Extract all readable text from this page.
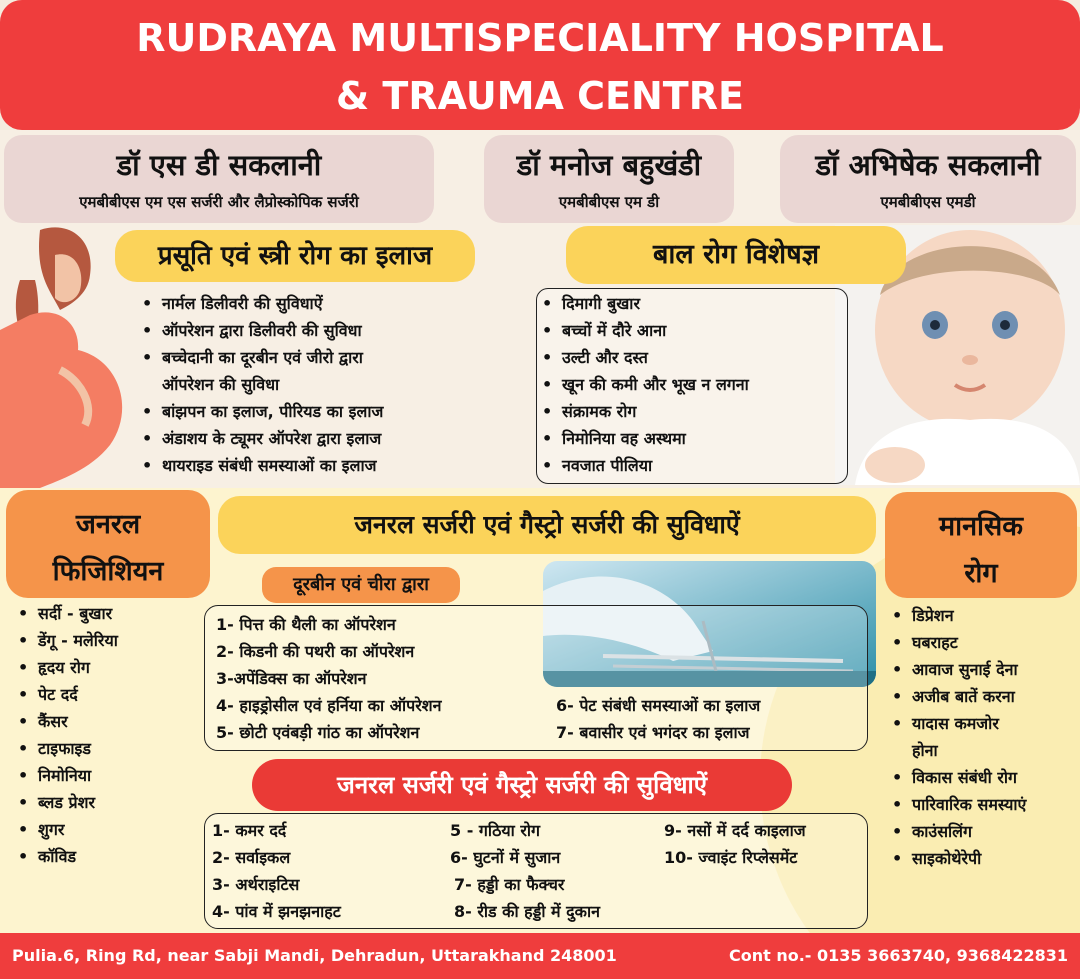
RUDRAYA MULTISPECIALITY HOSPITAL
& TRAUMA CENTRE
डॉ एस डी सकलानी
एमबीबीएस एम एस सर्जरी और लैप्रोस्कोपिक सर्जरी
डॉ मनोज बहुखंडी
एमबीबीएस एम डी
डॉ अभिषेक सकलानी
एमबीबीएस एमडी
प्रसूति एवं स्त्री रोग का इलाज
• नार्मल डिलीवरी की सुविधाऐं
• ऑपरेशन द्वारा डिलीवरी की सुविधा
• बच्चेदानी का दूरबीन एवं जीरो द्वारा
ऑपरेशन की सुविधा
• बांझपन का इलाज, पीरियड का इलाज
• अंडाशय के ट्यूमर ऑपरेश द्वारा इलाज
• थायराइड संबंधी समस्याओं का इलाज
बाल रोग विशेषज्ञ
• दिमागी बुखार
• बच्चों में दौरे आना
• उल्टी और दस्त
• खून की कमी और भूख न लगना
• संक्रामक रोग
• निमोनिया वह अस्थमा
• नवजात पीलिया
जनरल
फिजिशियन
• सर्दी - बुखार
• डेंगू - मलेरिया
• हृदय रोग
• पेट दर्द
• कैंसर
• टाइफाइड
• निमोनिया
• ब्लड प्रेशर
• शुगर
• कॉविड
जनरल सर्जरी एवं गैस्ट्रो सर्जरी की सुविधाऐं
दूरबीन एवं चीरा द्वारा
1- पित्त की थैली का ऑपरेशन
2- किडनी की पथरी का ऑपरेशन
3-अपेंडिक्स का ऑपरेशन
4- हाइड्रोसील एवं हर्निया का ऑपरेशन
5- छोटी एवंबड़ी गांठ का ऑपरेशन
6- पेट संबंधी समस्याओं का इलाज
7- बवासीर एवं भगंदर का इलाज
मानसिक
रोग
• डिप्रेशन
• घबराहट
• आवाज सुनाई देना
• अजीब बातें करना
• यादास कमजोर
होना
• विकास संबंधी रोग
• पारिवारिक समस्याएं
• काउंसलिंग
• साइकोथेरेपी
जनरल सर्जरी एवं गैस्ट्रो सर्जरी की सुविधाऐं
1- कमर दर्द
2- सर्वाइकल
3- अर्थराइटिस
4- पांव में झनझनाहट
5 - गठिया रोग
6- घुटनों में सुजान
7- हड्डी का फैक्चर
8- रीड की हड्डी में दुकान
9- नसों में दर्द काइलाज
10- ज्वाइंट रिप्लेसमेंट
Pulia.6, Ring Rd, near Sabji Mandi, Dehradun, Uttarakhand 248001	Cont no.- 0135 3663740, 9368422831
